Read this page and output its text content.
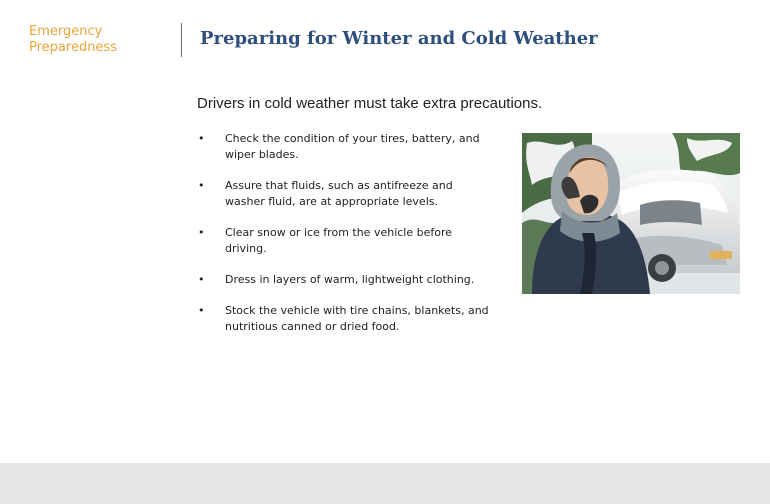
Emergency Preparedness	Preparing for Winter and Cold Weather

Drivers in cold weather must take extra precautions.

•	Check the condition of your tires, battery, and wiper blades.
•	Assure that fluids, such as antifreeze and washer fluid, are at appropriate levels.
•	Clear snow or ice from the vehicle before driving.
•	Dress in layers of warm, lightweight clothing.
•	Stock the vehicle with tire chains, blankets, and nutritious canned or dried food.
